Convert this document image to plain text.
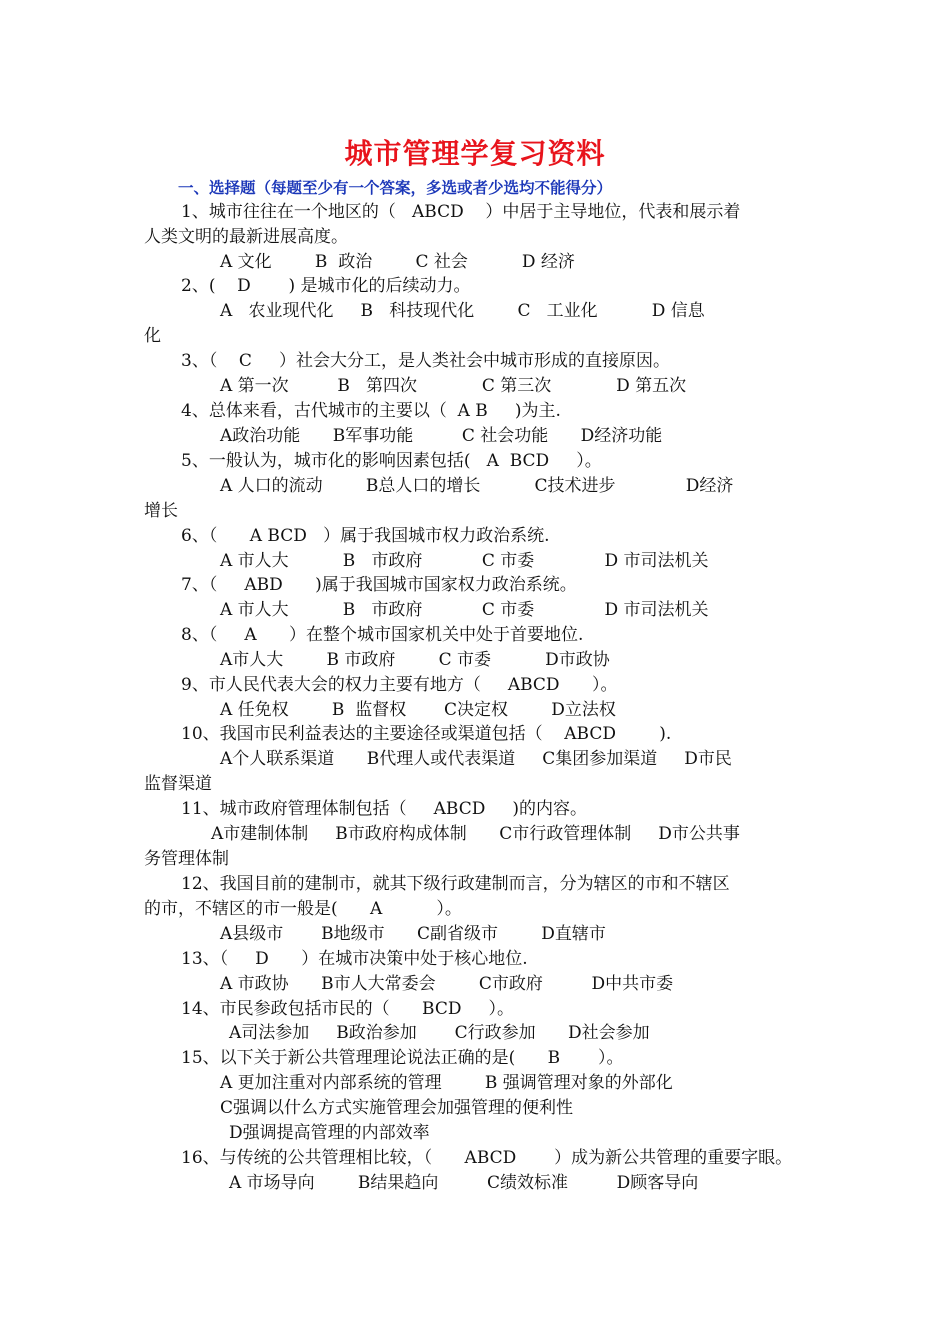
城市管理学复习资料
一、选择题（每题至少有一个答案，多选或者少选均不能得分）
1、城市往往在一个地区的（   ABCD    ）中居于主导地位，代表和展示着
人类文明的最新进展高度。
A 文化        B  政治        C 社会          D 经济
2、(    D       ) 是城市化的后续动力。
A   农业现代化     B   科技现代化        C   工业化          D 信息
化
3、（    C     ）社会大分工，是人类社会中城市形成的直接原因。
A 第一次         B   第四次            C 第三次            D 第五次
4、总体来看，古代城市的主要以（  A B     )为主.
A政治功能      B军事功能         C 社会功能      D经济功能
5、一般认为，城市化的影响因素包括(   A  BCD     ）。
A 人口的流动        B总人口的增长          C技术进步             D经济
增长
6、（      A BCD   ）属于我国城市权力政治系统.
A 市人大          B   市政府           C 市委             D 市司法机关
7、（     ABD      )属于我国城市国家权力政治系统。
A 市人大          B   市政府           C 市委             D 市司法机关
8、（     A      ）在整个城市国家机关中处于首要地位.
A市人大        B 市政府        C 市委          D市政协
9、市人民代表大会的权力主要有地方（     ABCD      ）。
A 任免权        B  监督权       C决定权        D立法权
10、我国市民利益表达的主要途径或渠道包括（    ABCD        ).
A个人联系渠道      B代理人或代表渠道     C集团参加渠道     D市民
监督渠道
11、城市政府管理体制包括（     ABCD     )的内容。
A市建制体制     B市政府构成体制      C市行政管理体制     D市公共事
务管理体制
12、我国目前的建制市，就其下级行政建制而言，分为辖区的市和不辖区
的市，不辖区的市一般是(      A          ）。
A县级市       B地级市      C副省级市        D直辖市
13、（     D      ）在城市决策中处于核心地位.
A 市政协      B市人大常委会        C市政府         D中共市委
14、市民参政包括市民的（      BCD     ）。
A司法参加     B政治参加       C行政参加      D社会参加
15、以下关于新公共管理理论说法正确的是(      B       ）。
A 更加注重对内部系统的管理        B 强调管理对象的外部化
C强调以什么方式实施管理会加强管理的便利性
D强调提高管理的内部效率
16、与传统的公共管理相比较，（      ABCD       ）成为新公共管理的重要字眼。
A 市场导向        B结果趋向         C绩效标准         D顾客导向
